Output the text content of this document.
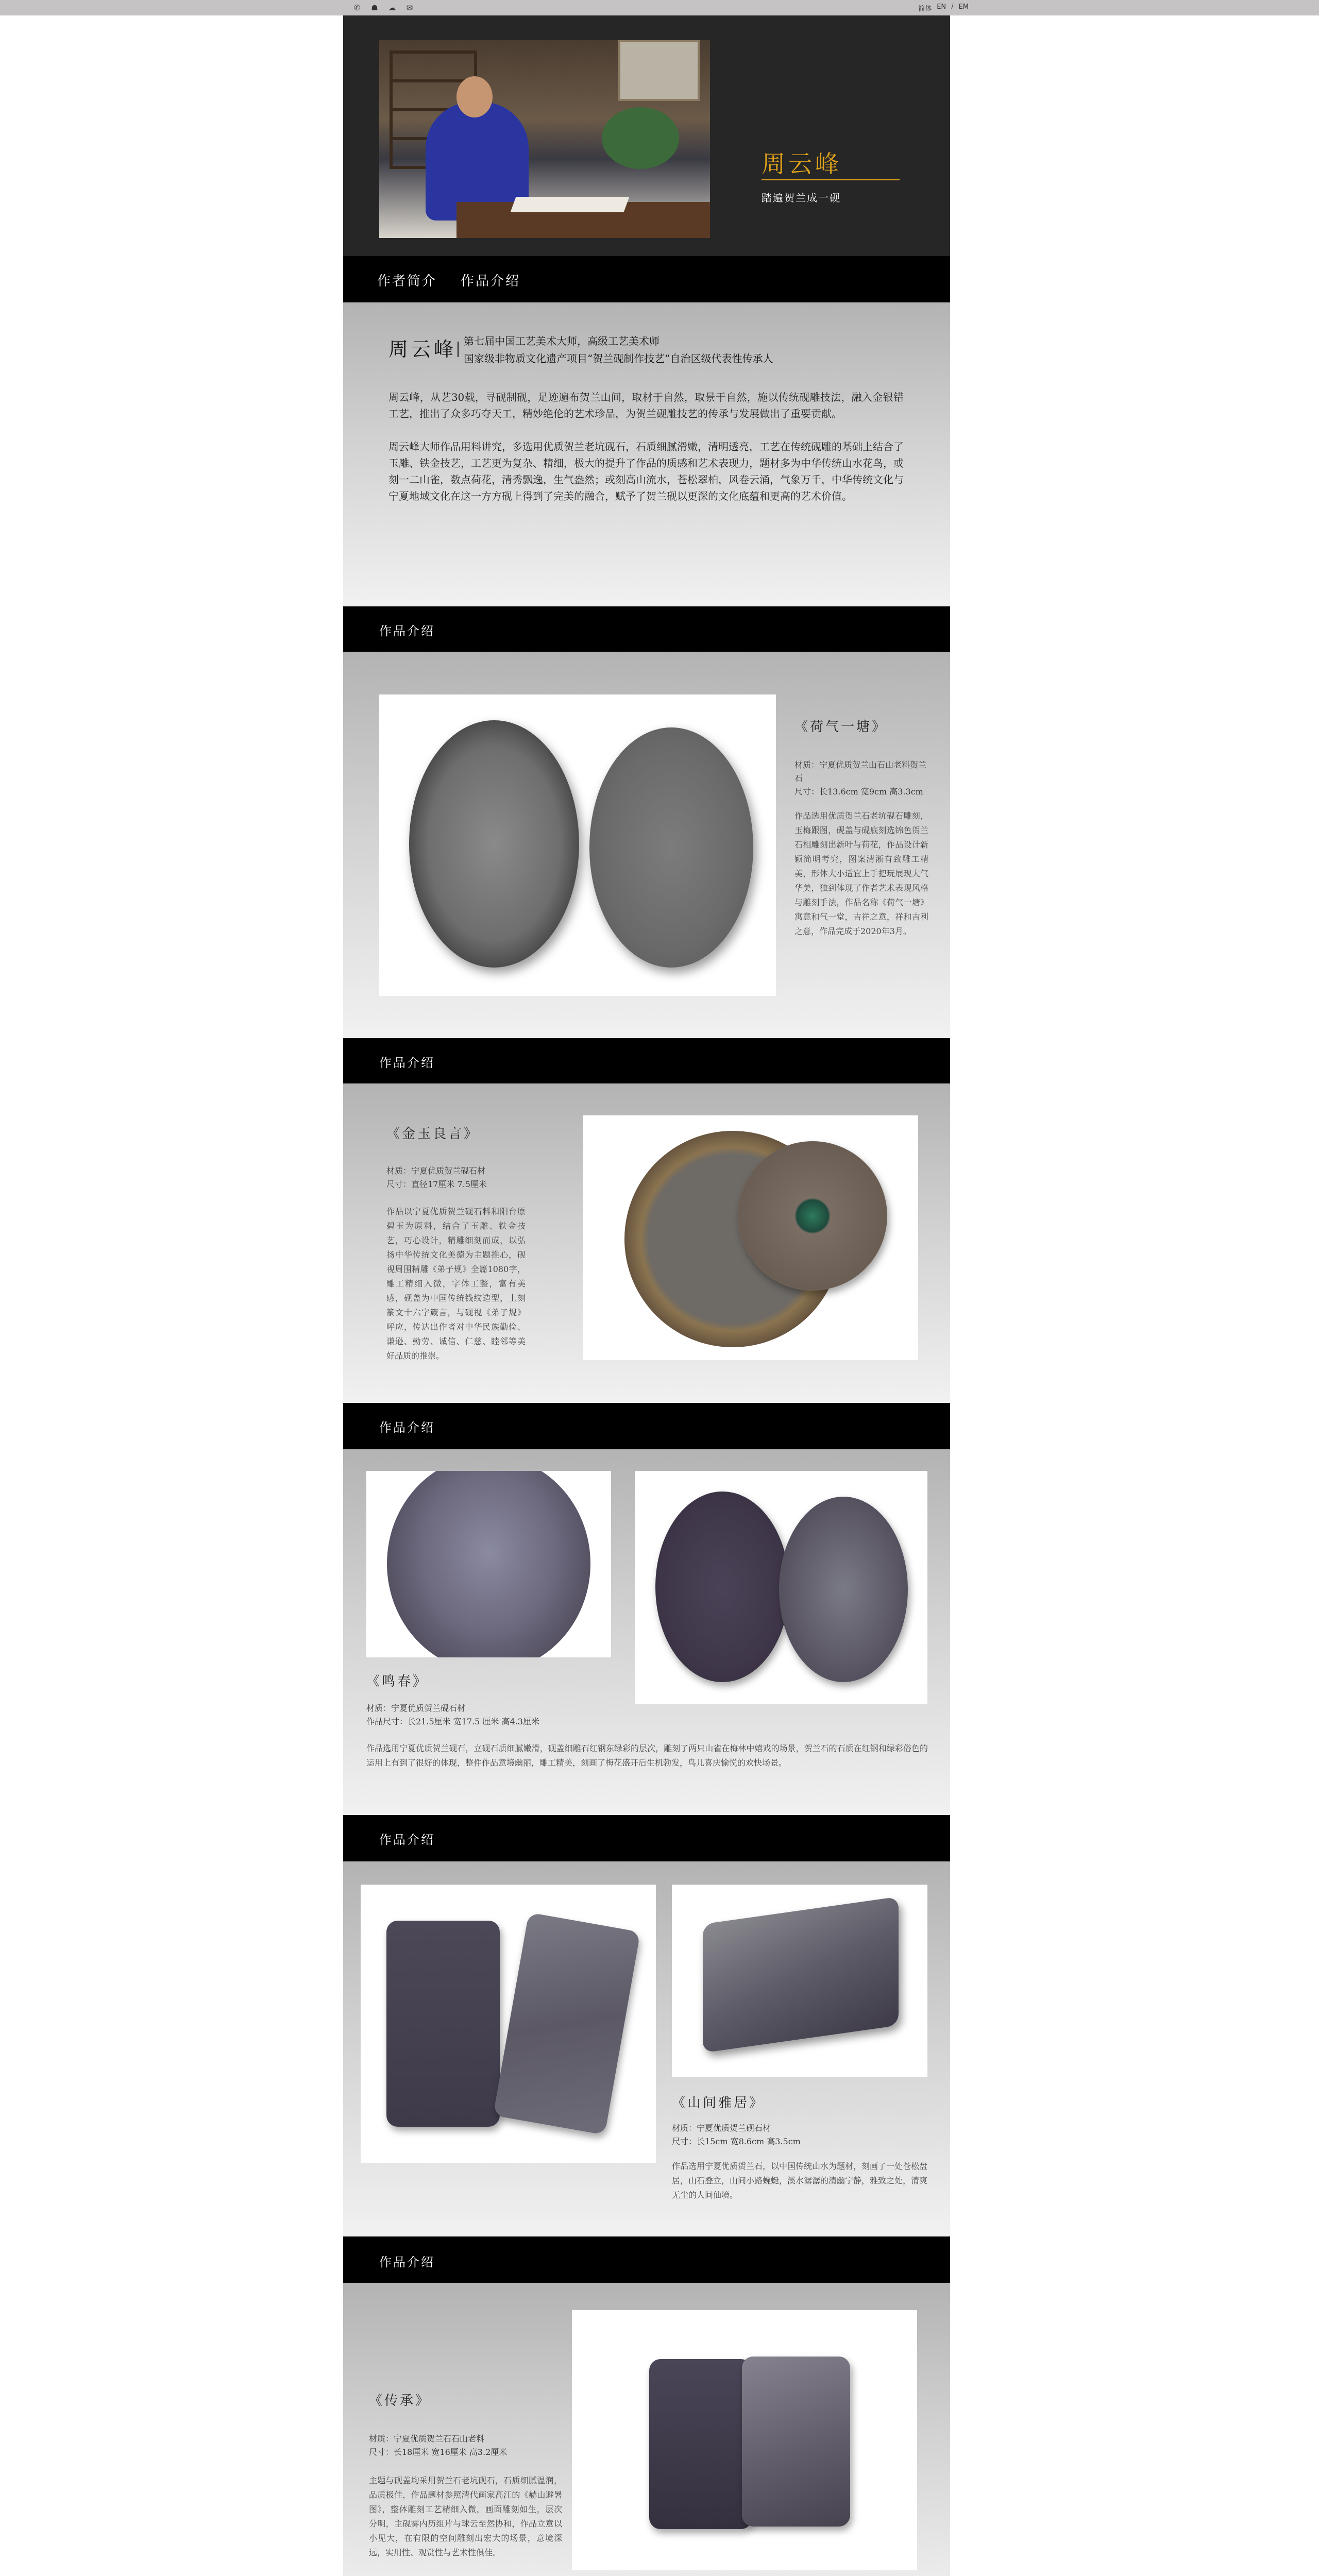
✆ ☗ ☁ ✉	简体 EN / EM
周云峰
踏遍贺兰成一砚
作者简介 作品介绍
周云峰 第七届中国工艺美术大师，高级工艺美术师
国家级非物质文化遗产项目“贺兰砚制作技艺”自治区级代表性传承人
周云峰，从艺30载，寻砚制砚，足迹遍布贺兰山间，取材于自然，取景于自然，施以传统砚雕技法，融入金银错工艺，推出了众多巧夺天工，精妙绝伦的艺术珍品，为贺兰砚雕技艺的传承与发展做出了重要贡献。
周云峰大师作品用料讲究，多选用优质贺兰老坑砚石，石质细腻滑嫩，清明透亮，工艺在传统砚雕的基础上结合了玉雕、铁金技艺，工艺更为复杂、精细，极大的提升了作品的质感和艺术表现力，题材多为中华传统山水花鸟，或刻一二山雀，数点荷花，清秀飘逸，生气盎然；或刻高山流水，苍松翠柏，风卷云涌，气象万千，中华传统文化与宁夏地域文化在这一方方砚上得到了完美的融合，赋予了贺兰砚以更深的文化底蕴和更高的艺术价值。
作品介绍
《荷气一塘》
材质：宁夏优质贺兰山石山老料贺兰石
尺寸：长13.6cm 宽9cm 高3.3cm
作品选用优质贺兰石老坑砚石雕刻，玉梅跟图，砚盖与砚底刻选锦色贺兰石相雕刻出新叶与荷花，作品设计新颖简明考究，图案清淅有致雕工精美，形体大小适宜上手把玩展现大气华美，独到体现了作者艺术表现风格与雕刻手法，作品名称《荷气一塘》寓意和气一堂，吉祥之意，祥和吉利之意，作品完成于2020年3月。
作品介绍
《金玉良言》
材质：宁夏优质贺兰砚石材
尺寸：直径17厘米 7.5厘米
作品以宁夏优质贺兰砚石料和阳台原碧玉为原料，结合了玉雕、铁金技艺，巧心设计，精雕细刻而成，以弘扬中华传统文化美德为主题推心，砚视周围精雕《弟子规》全篇1080字，雕工精细入微，字体工整，富有美感，砚盖为中国传统钱纹造型，上刻篆文十六字箴言，与砚视《弟子规》呼应，传达出作者对中华民族勤俭、谦逊、勤劳、诚信、仁慈、睦邻等美好品质的推崇。
作品介绍
《鸣春》
材质：宁夏优质贺兰砚石材
作品尺寸：长21.5厘米 宽17.5 厘米 高4.3厘米
作品选用宁夏优质贺兰砚石，立砚石质细腻嫩滑，砚盖细雕石红钢东绿彩的层次，雕刻了两只山雀在梅林中嬉戏的场景，贺兰石的石质在红钢和绿彩俗色的运用上有到了很好的体现，整件作品意境幽丽，雕工精美，刻画了梅花盛开后生机勃发，鸟儿喜庆愉悦的欢快场景。
作品介绍
《山间雅居》
材质：宁夏优质贺兰砚石材
尺寸：长15cm 宽8.6cm 高3.5cm
作品选用宁夏优质贺兰石，以中国传统山水为题材，刻画了一处苍松盘居，山石叠立，山间小路蜿蜒，溪水潺潺的清幽宁静，雅致之处，清爽无尘的人间仙境。
作品介绍
《传承》
材质：宁夏优质贺兰石石山老料
尺寸：长18厘米 宽16厘米 高3.2厘米
主题与砚盖均采用贺兰石老坑砚石，石质细腻温润，品质极佳，作品题材参照清代画家高江的《赫山避暑图》，整体雕刻工艺精细入微，画面雕刻如生，层次分明，主砚雾内历组片与球云至然协和，作品立意以小见大，在有限的空间雕刻出宏大的场景，意境深远，实用性、观赏性与艺术性俱佳。
